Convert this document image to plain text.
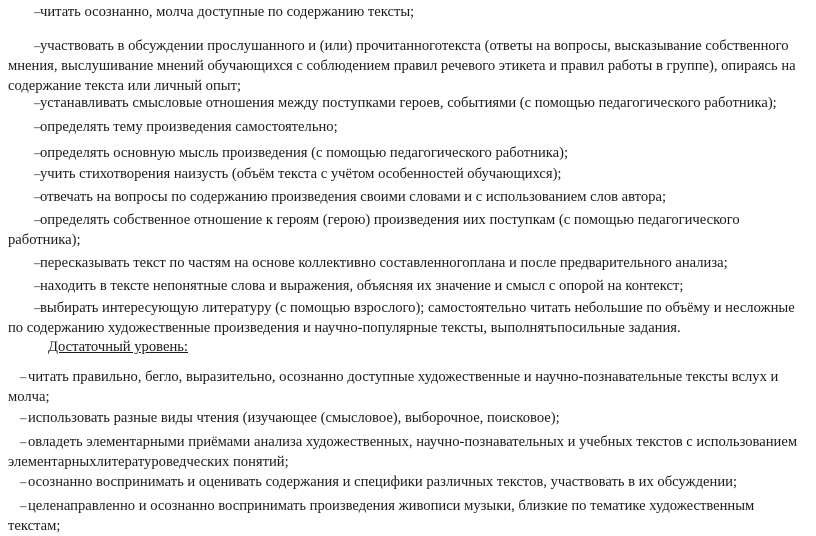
–читать осознанно, молча доступные по содержанию тексты;
–участвовать в обсуждении прослушанного и (или) прочитанноготекста (ответы на вопросы, высказывание собственного мнения, выслушивание мнений обучающихся с соблюдением правил речевого этикета и правил работы в группе), опираясь на содержание текста или личный опыт;
–устанавливать смысловые отношения между поступками героев, событиями (с помощью педагогического работника);
–определять тему произведения самостоятельно;
–определять основную мысль произведения (с помощью педагогического работника);
–учить стихотворения наизусть (объём текста с учётом особенностей обучающихся);
–отвечать на вопросы по содержанию произведения своими словами и с использованием слов автора;
–определять собственное отношение к героям (герою) произведения иих поступкам (с помощью педагогического работника);
–пересказывать текст по частям на основе коллективно составленногоплана и после предварительного анализа;
–находить в тексте непонятные слова и выражения, объясняя их значение и смысл с опорой на контекст;
–выбирать интересующую литературу (с помощью взрослого); самостоятельно читать небольшие по объёму и несложные по содержанию художественные произведения и научно-популярные тексты, выполнятьпосильные задания.
Достаточный уровень:
– читать правильно, бегло, выразительно, осознанно доступные художественные и научно-познавательные тексты вслух и молча;
– использовать разные виды чтения (изучающее (смысловое), выборочное, поисковое);
– овладеть элементарными приёмами анализа художественных, научно-познавательных и учебных текстов с использованием элементарныхлитературоведческих понятий;
– осознанно воспринимать и оценивать содержания и специфики различных текстов, участвовать в их обсуждении;
– целенаправленно и осознанно воспринимать произведения живописи музыки, близкие по тематике художественным текстам;
